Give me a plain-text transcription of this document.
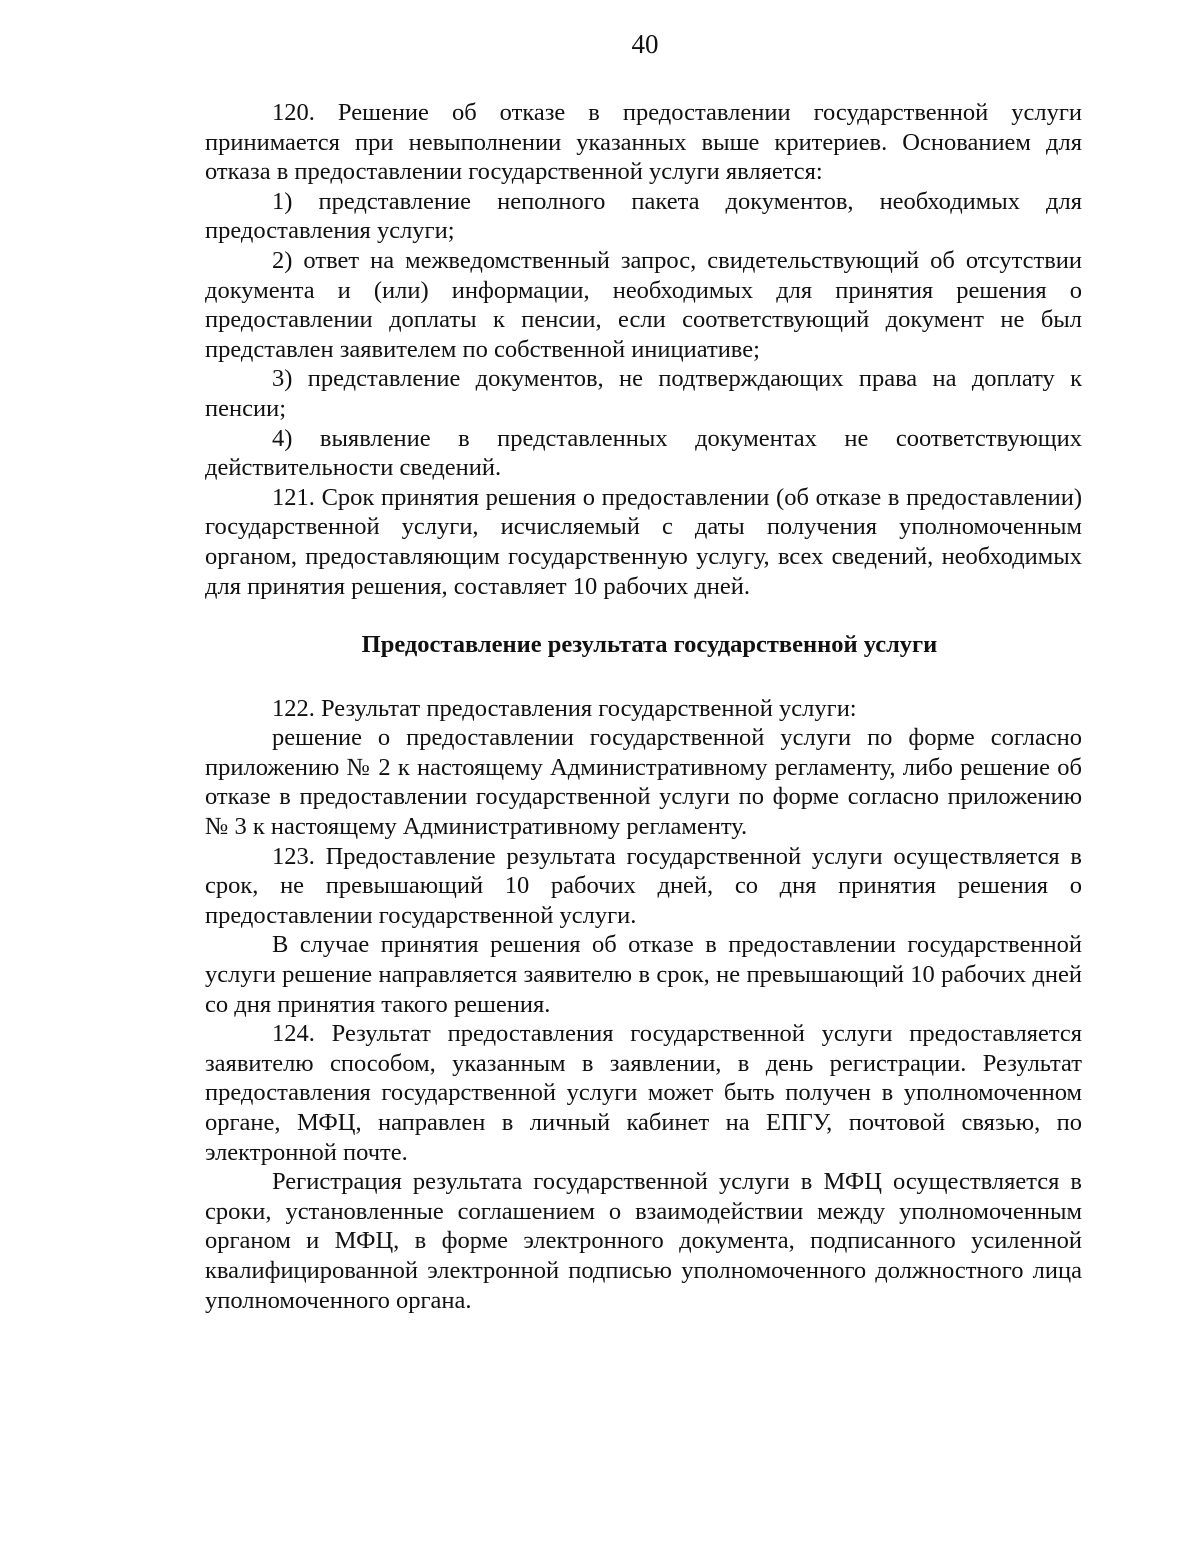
40

120. Решение об отказе в предоставлении государственной услуги принимается при невыполнении указанных выше критериев. Основанием для отказа в предоставлении государственной услуги является:

1) представление неполного пакета документов, необходимых для предоставления услуги;

2) ответ на межведомственный запрос, свидетельствующий об отсутствии документа и (или) информации, необходимых для принятия решения о предоставлении доплаты к пенсии, если соответствующий документ не был представлен заявителем по собственной инициативе;

3) представление документов, не подтверждающих права на доплату к пенсии;

4) выявление в представленных документах не соответствующих действительности сведений.

121. Срок принятия решения о предоставлении (об отказе в предоставлении) государственной услуги, исчисляемый с даты получения уполномоченным органом, предоставляющим государственную услугу, всех сведений, необходимых для принятия решения, составляет 10 рабочих дней.

Предоставление результата государственной услуги

122. Результат предоставления государственной услуги:

решение о предоставлении государственной услуги по форме согласно приложению № 2 к настоящему Административному регламенту, либо решение об отказе в предоставлении государственной услуги по форме согласно приложению № 3 к настоящему Административному регламенту.

123. Предоставление результата государственной услуги осуществляется в срок, не превышающий 10 рабочих дней, со дня принятия решения о предоставлении государственной услуги.

В случае принятия решения об отказе в предоставлении государственной услуги решение направляется заявителю в срок, не превышающий 10 рабочих дней со дня принятия такого решения.

124. Результат предоставления государственной услуги предоставляется заявителю способом, указанным в заявлении, в день регистрации. Результат предоставления государственной услуги может быть получен в уполномоченном органе, МФЦ, направлен в личный кабинет на ЕПГУ, почтовой связью, по электронной почте.

Регистрация результата государственной услуги в МФЦ осуществляется в сроки, установленные соглашением о взаимодействии между уполномоченным органом и МФЦ, в форме электронного документа, подписанного усиленной квалифицированной электронной подписью уполномоченного должностного лица уполномоченного органа.
